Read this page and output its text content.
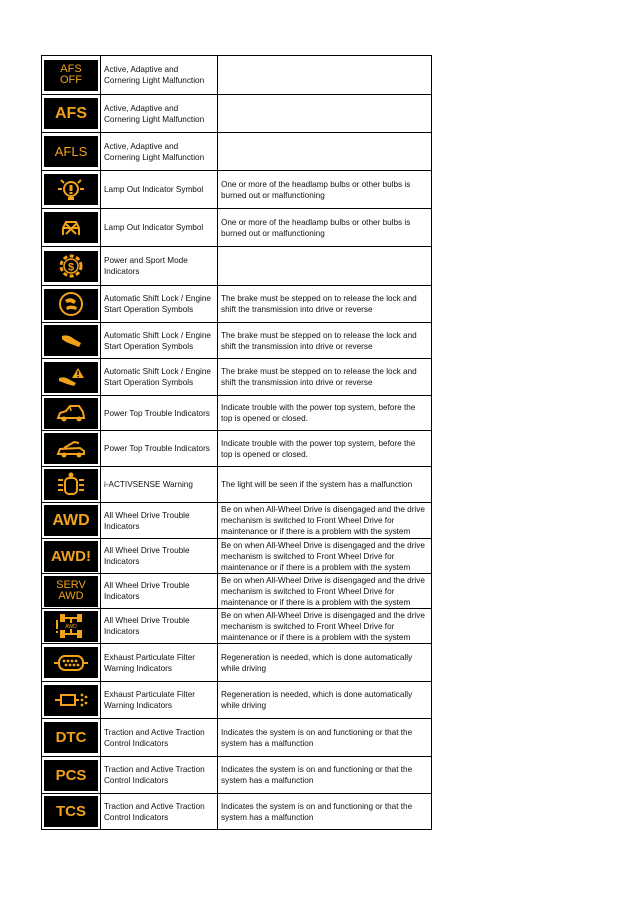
AFS
OFF
Active, Adaptive and Cornering Light Malfunction
AFS Active, Adaptive and Cornering Light Malfunction
AFLS Active, Adaptive and Cornering Light Malfunction
Lamp Out Indicator Symbol
One or more of the headlamp bulbs or other bulbs is burned out or malfunctioning
Lamp Out Indicator Symbol
One or more of the headlamp bulbs or other bulbs is burned out or malfunctioning
$
Power and Sport Mode Indicators
Automatic Shift Lock / Engine Start Operation Symbols
The brake must be stepped on to release the lock and shift the transmission into drive or reverse
Automatic Shift Lock / Engine Start Operation Symbols
The brake must be stepped on to release the lock and shift the transmission into drive or reverse
Automatic Shift Lock / Engine Start Operation Symbols
The brake must be stepped on to release the lock and shift the transmission into drive or reverse
Power Top Trouble Indicators
Indicate trouble with the power top system, before the top is opened or closed.
Power Top Trouble Indicators
Indicate trouble with the power top system, before the top is opened or closed.
i-ACTIVSENSE Warning	The light will be seen if the system has a malfunction
AWD All Wheel Drive Trouble Indicators
Be on when All-Wheel Drive is disengaged and the drive mechanism is switched to Front Wheel Drive for maintenance or if there is a problem with the system
AWD! All Wheel Drive Trouble Indicators
Be on when All-Wheel Drive is disengaged and the drive mechanism is switched to Front Wheel Drive for maintenance or if there is a problem with the system
SERV
AWD
All Wheel Drive Trouble Indicators
Be on when All-Wheel Drive is disengaged and the drive mechanism is switched to Front Wheel Drive for maintenance or if there is a problem with the system
AWD
All Wheel Drive Trouble Indicators
Be on when All-Wheel Drive is disengaged and the drive mechanism is switched to Front Wheel Drive for maintenance or if there is a problem with the system
Exhaust Particulate Filter Warning Indicators
Regeneration is needed, which is done automatically while driving
Exhaust Particulate Filter Warning Indicators
Regeneration is needed, which is done automatically while driving
DTC Traction and Active Traction Control Indicators
Indicates the system is on and functioning or that the system has a malfunction
PCS Traction and Active Traction Control Indicators
Indicates the system is on and functioning or that the system has a malfunction
TCS Traction and Active Traction Control Indicators
Indicates the system is on and functioning or that the system has a malfunction
